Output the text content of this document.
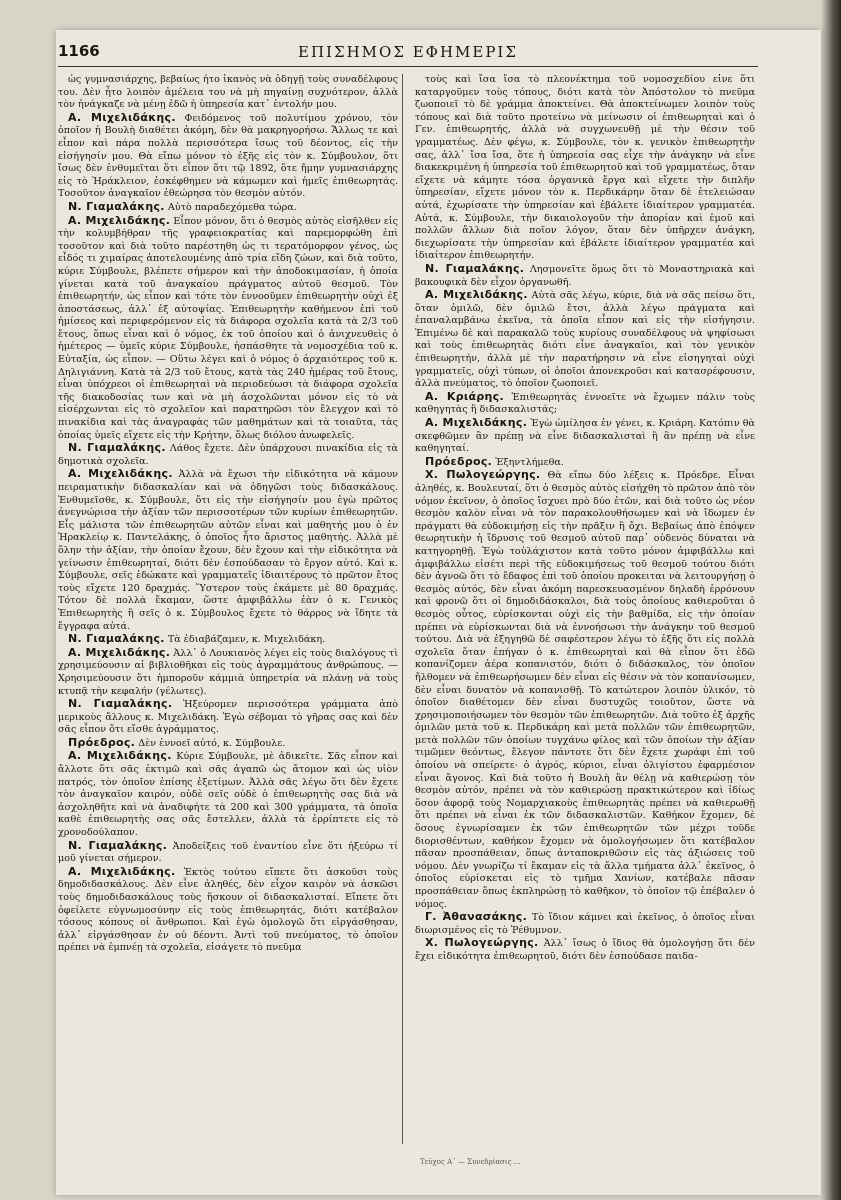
1166	ΕΠΙΣΗΜΟΣ ΕΦΗΜΕΡΙΣ

ὡς γυμνασιάρχης, βεβαίως ἦτο ἱκανὸς νὰ ὁδηγῇ τοὺς συναδέλφους του. Δὲν ἦτο λοιπὸν ἀμέλεια του νὰ μὴ πηγαίνῃ συχνότερον, ἀλλὰ τὸν ἠνάγκαζε νὰ μένῃ ἐδῶ ἡ ὑπηρεσία κατ᾽ ἐντολήν μου.

Α. Μιχελιδάκης. Φειδόμενος τοῦ πολυτίμου χρόνου, τὸν ὁποῖον ἡ Βουλὴ διαθέτει ἀκόμη, δὲν θὰ μακρηγορήσω. Ἄλλως τε καὶ εἶπον καὶ πάρα πολλὰ περισσότερα ἴσως τοῦ δέοντος, εἰς τὴν εἰσήγησίν μου. Θὰ εἴπω μόνον τὸ ἑξῆς εἰς τὸν κ. Σύμβουλον, ὅτι ἴσως δὲν ἐνθυμεῖται ὅτι εἶπον ὅτι τῷ 1892, ὅτε ἤμην γυμνασιάρχης εἰς τὸ Ἡράκλειον, ἐσκέφθημεν νὰ κάμωμεν καὶ ἡμεῖς ἐπιθεωρητάς. Τοσοῦτον ἀναγκαῖον ἐθεώρησα τὸν θεσμὸν αὐτόν.

Ν. Γιαμαλάκης. Αὐτὸ παραδεχόμεθα τώρα.

Α. Μιχελιδάκης. Εἶπον μόνον, ὅτι ὁ θεσμὸς αὐτὸς εἰσῆλθεν εἰς τὴν κολυμβήθραν τῆς γραφειοκρατίας καὶ παρεμορφώθη ἐπὶ τοσοῦτον καὶ διὰ τοῦτο παρέστηθη ὡς τι τερατόμορφον γένος, ὡς εἶδός τι χιμαίρας ἀποτελουμένης ἀπὸ τρία εἴδη ζώων, καὶ διὰ τοῦτο, κύριε Σύμβουλε, βλέπετε σήμερον καὶ τὴν ἀποδοκιμασίαν, ἡ ὁποία γίνεται κατὰ τοῦ ἀναγκαίου πράγματος αὐτοῦ θεσμοῦ. Τὸν ἐπιθεωρητήν, ὡς εἶπον καὶ τότε τὸν ἐννοοῦμεν ἐπιθεωρητὴν οὐχὶ ἐξ ἀποστάσεως, ἀλλ᾽ ἐξ αὐτοψίας. Ἐπιθεωρητὴν καθήμενον ἐπὶ τοῦ ἡμίσεος καὶ περιφερόμενον εἰς τὰ διάφορα σχολεῖα κατὰ τὰ 2/3 τοῦ ἔτους, ὅπως εἶναι καὶ ὁ νόμος, ἐκ τοῦ ὁποίου καὶ ὁ ἀνιχνευθεὶς ὁ ἡμέτερος — ὑμεῖς κύριε Σύμβουλε, ἠσπάσθητε τὰ νομοσχέδια τοῦ κ. Εὐταξία, ὡς εἶπον. — Οὕτω λέγει καὶ ὁ νόμος ὁ ἀρχαιότερος τοῦ κ. Δηλιγιάννη. Κατὰ τὰ 2/3 τοῦ ἔτους, κατὰ τὰς 240 ἡμέρας τοῦ ἔτους, εἶναι ὑπόχρεοι οἱ ἐπιθεωρηταὶ νὰ περιοδεύωσι τὰ διάφορα σχολεῖα τῆς διακοδοσίας των καὶ νὰ μὴ ἀσχολῶνται μόνον εἰς τὸ νὰ εἰσέρχωνται εἰς τὸ σχολεῖον καὶ παρατηρῶσι τὸν ἔλεγχον καὶ τὸ πινακίδια καὶ τὰς ἀναγραφὰς τῶν μαθημάτων καὶ τὰ τοιαῦτα, τὰς ὁποίας ὑμεῖς εἴχετε εἰς τὴν Κρήτην, ὅλως διόλου ἀνωφελεῖς.

Ν. Γιαμαλάκης. Λάθος ἔχετε. Δὲν ὑπάρχουσι πινακίδια εἰς τὰ δημοτικὰ σχολεῖα.

Α. Μιχελιδάκης. Ἀλλὰ νὰ ἔχωσι τὴν εἰδικότητα νὰ κάμουν πειραματικὴν διδασκαλίαν καὶ νὰ ὁδηγῶσι τοὺς διδασκάλους. Ἐνθυμεῖσθε, κ. Σύμβουλε, ὅτι εἰς τὴν εἰσήγησίν μου ἐγὼ πρῶτος ἀνεγνώρισα τὴν ἀξίαν τῶν περισσοτέρων τῶν κυρίων ἐπιθεωρητῶν. Εἷς μάλιστα τῶν ἐπιθεωρητῶν αὐτῶν εἶναι καὶ μαθητής μου ὁ ἐν Ἡρακλείῳ κ. Παντελάκης, ὁ ὁποῖος ἦτο ἄριστος μαθητής. Ἀλλὰ μὲ ὅλην τὴν ἀξίαν, τὴν ὁποίαν ἔχουν, δὲν ἔχουν καὶ τὴν εἰδικότητα νὰ γείνωσιν ἐπιθεωρηταί, διότι δὲν ἐσπούδασαν τὸ ἔργον αὐτό. Καὶ κ. Σύμβουλε, σεῖς ἐδώκατε καὶ γραμματεῖς ἰδιαιτέρους τὸ πρῶτον ἔτος τοὺς εἴχετε 120 δραχμάς. Ὕστερον τοὺς ἐκάμετε μὲ 80 δραχμάς. Τότον δὲ πολλὰ ἔκαμαν, ὥστε ἀμφιβάλλω ἐὰν ὁ κ. Γενικὸς Ἐπιθεωρητὴς ἢ σεῖς ὁ κ. Σύμβουλος ἔχετε τὸ θάρρος νὰ ἴδητε τὰ ἔγγραφα αὐτά.

Ν. Γιαμαλάκης. Τὰ ἐδιαβάζαμεν, κ. Μιχελιδάκη.

Α. Μιχελιδάκης. Ἀλλ᾽ ὁ Λουκιανὸς λέγει εἰς τοὺς διαλόγους τὶ χρησιμεύουσιν αἱ βιβλιοθῆκαι εἰς τοὺς ἀγραμμάτους ἀνθρώπους. — Χρησιμεύουσιν ὅτι ἠμποροῦν κάμμιὰ ὑπηρετρία νὰ πλάνῃ νὰ τοὺς κτυπᾷ τὴν κεφαλήν (γέλωτες).

Ν. Γιαμαλάκης. Ἡξεύρομεν περισσότερα γράμματα ἀπὸ μερικοὺς ἄλλους κ. Μιχελιδάκη. Ἐγὼ σέβομαι τὸ γῆρας σας καὶ δὲν σᾶς εἶπον ὅτι εἴσθε ἀγράμματος.

Πρόεδρος. Δὲν ἐννοεῖ αὐτό, κ. Σύμβουλε.

Α. Μιχελιδάκης. Κύριε Σύμβουλε, μὲ ἀδικεῖτε. Σᾶς εἶπον καὶ ἄλλοτε ὅτι σᾶς ἐκτιμῶ καὶ σᾶς ἀγαπῶ ὡς ἄτομον καὶ ὡς υἱὸν πατρός, τὸν ὁποῖον ἐπίσης ἐξετίμων. Ἀλλὰ σᾶς λέγω ὅτι δὲν ἔχετε τὸν ἀναγκαῖον καιρόν, οὐδὲ σεῖς οὐδὲ ὁ ἐπιθεωρητὴς σας διὰ νὰ ἀσχοληθῆτε καὶ νὰ ἀναδιφήτε τὰ 200 καὶ 300 γράμματα, τὰ ὁποῖα καθὲ ἐπιθεωρητὴς σας σᾶς ἔστελλεν, ἀλλὰ τὰ ἐρρίπτετε εἰς τὸ χρονοδούλαπον.

Ν. Γιαμαλάκης. Ἀποδείξεις τοῦ ἐναντίου εἶνε ὅτι ἠξεύρω τί μοῦ γίνεται σήμερον.

Α. Μιχελιδάκης. Ἐκτὸς τούτου εἴπετε ὅτι ἀσκοῦσι τοὺς δημοδιδασκάλους. Δὲν εἶνε ἀληθές, δὲν εἶχον καιρὸν νὰ ἀσκῶσι τοὺς δημοδιδασκάλους τοὺς ἥσκουν οἱ διδασκαλισταί. Εἴπετε ὅτι ὀφείλετε εὐγνωμοσύνην εἰς τοὺς ἐπιθεωρητάς, διότι κατέβαλον τόσους κόπους οἱ ἄνθρωποι. Καὶ ἐγὼ ὁμολογῶ ὅτι εἰργάσθησαν, ἀλλ᾽ εἰργάσθησαν ἐν οὐ δέοντι. Ἀντὶ τοῦ πνεύματος, τὸ ὁποῖον πρέπει νὰ ἐμπνέῃ τὰ σχολεῖα, εἰσάγετε τὸ πνεῦμα

τοὺς καὶ ἴσα ἴσα τὸ πλεονέκτημα τοῦ νομοσχεδίου εἶνε ὅτι καταργοῦμεν τοὺς τόπους, διότι κατὰ τὸν Ἀπόστολον τὸ πνεῦμα ζωοποιεῖ τὸ δὲ γράμμα ἀποκτείνει. Θὰ ἀποκτείνωμεν λοιπὸν τοὺς τόπους καὶ διὰ τοῦτο προτείνω νὰ μείνωσιν οἱ ἐπιθεωρηταὶ καὶ ὁ Γεν. ἐπιθεωρητής, ἀλλὰ νὰ συγχωνευθῇ μὲ τὴν θέσιν τοῦ γραμματέως. Δὲν φέγω, κ. Σύμβουλε, τὸν κ. γενικὸν ἐπιθεωρητὴν σας, ἀλλ᾽ ἴσα ἴσα, ὅτε ἡ ὑπηρεσία σας εἶχε τὴν ἀνάγκην νὰ εἶνε διακεκριμένη ἡ ὑπηρεσία τοῦ ἐπιθεωρητοῦ καὶ τοῦ γραμματέως, ὅταν εἴχετε νὰ κάμητε τόσα ὀργανικὰ ἔργα καὶ εἴχετε τὴν διπλῆν ὑπηρεσίαν, εἴχετε μόνον τὸν κ. Περδικάρην ὅταν δὲ ἐτελειώσαν αὐτά, ἐχωρίσατε τὴν ὑπηρεσίαν καὶ ἐβάλετε ἰδιαίτερον γραμματέα. Αὐτά, κ. Σύμβουλε, τὴν δικαιολογοῦν τὴν ἀπορίαν καὶ ἐμοῦ καὶ πολλῶν ἄλλων διὰ ποῖον λόγον, ὅταν δὲν ὑπῆρχεν ἀνάγκη, διεχωρίσατε τὴν ὑπηρεσίαν καὶ ἐβάλετε ἰδιαίτερον γραμματέα καὶ ἰδιαίτερον ἐπιθεωρητήν.

Ν. Γιαμαλάκης. Λησμονεῖτε ὅμως ὅτι τὸ Μοναστηριακὰ καὶ βακουφικὰ δὲν εἶχον ὀργανωθῆ.

Α. Μιχελιδάκης. Αὐτὰ σᾶς λέγω, κύριε, διὰ νὰ σᾶς πείσω ὅτι, ὅταν ὁμιλῶ, δὲν ὁμιλῶ ἔτσι, ἀλλὰ λέγω πράγματα καὶ ἐπαναλαμβάνω ἐκεῖνα, τὰ ὁποῖα εἶπον καὶ εἰς τὴν εἰσήγησιν. Ἐπιμένω δὲ καὶ παρακαλῶ τοὺς κυρίους συναδέλφους νὰ ψηφίσωσι καὶ τοὺς ἐπιθεωρητὰς διότι εἶνε ἀναγκαῖοι, καὶ τὸν γενικὸν ἐπιθεωρητήν, ἀλλὰ μὲ τὴν παρατήρησιν νὰ εἶνε εἰσηγηταὶ οὐχὶ γραμματεῖς, οὐχὶ τύπων, οἱ ὁποῖοι ἀπονεκροῦσι καὶ κατασρέφουσιν, ἀλλὰ πνεύματος, τὸ ὁποῖον ζωοποιεῖ.

Α. Κριάρης. Ἐπιθεωρητὰς ἐννοεῖτε νὰ ἔχωμεν πάλιν τοὺς καθηγητὰς ἢ διδασκαλιστάς;

Α. Μιχελιδάκης. Ἐγὼ ὡμίλησα ἐν γένει, κ. Κριάρη. Κατόπιν θὰ σκεφθῶμεν ἂν πρέπῃ νὰ εἶνε διδασκαλισταὶ ἢ ἂν πρέπῃ νὰ εἶνε καθηγηταί.

Πρόεδρος. Ἐξηντλήμεθα.

Χ. Πωλογεώργης. Θὰ εἴπω δύο λέξεις κ. Πρόεδρε. Εἶναι ἀληθές, κ. Βουλευταί, ὅτι ὁ θεσμὸς αὐτὸς εἰσήχθη τὸ πρῶτον ἀπὸ τὸν νόμον ἐκεῖνον, ὁ ὁποῖος ἴσχυει πρὸ δύο ἐτῶν, καὶ διὰ τοῦτο ὡς νέον θεσμὸν καλὸν εἶναι νὰ τὸν παρακολουθήσωμεν καὶ νὰ ἴδωμεν ἐν πράγματι θὰ εὐδοκιμήσῃ εἰς τὴν πρᾶξιν ἢ ὄχι. Βεβαίως ἀπὸ ἐπόψεν θεωρητικὴν ἡ ἵδρυσις τοῦ θεσμοῦ αὐτοῦ παρ᾽ οὐδενὸς δύναται νὰ κατηγορηθῇ. Ἐγὼ τοὐλάχιστον κατὰ τοῦτο μόνον ἀμφιβάλλω καὶ ἀμφιβάλλω εἰσέτι περὶ τῆς εὐδοκιμήσεως τοῦ θεσμοῦ τούτου διότι δὲν ἀγνοῶ ὅτι τὸ ἔδαφος ἐπὶ τοῦ ὁποίου προκειται νὰ λειτουργήσῃ ὁ θεσμὸς αὐτός, δὲν εἶναι ἀκόμη παρεσκευασμένον δηλαδὴ ἐρρόνουν καὶ φρονῶ ὅτι οἱ δημοδιδάσκαλοι, διὰ τοὺς ὁποίους καθιερoῦται ὁ θεσμὸς οὗτος, εὑρίσκονται οὐχὶ εἰς τὴν βαθμίδα, εἰς τὴν ὁποίαν πρέπει νὰ εὑρίσκωνται διὰ νὰ ἐννοήσωσι τὴν ἀνάγκην τοῦ θεσμοῦ τούτου. Διὰ νὰ ἐξηγηθῶ δὲ σαφέστερον λέγω τὸ ἑξῆς ὅτι εἰς πολλὰ σχολεῖα ὅταν ἐπήγαν ὁ κ. ἐπιθεωρηταὶ καὶ θὰ εἶπον ὅτι ἐδῶ κοπανίζομεν ἀέρα κοπανιστόν, διότι ὁ διδάσκαλος, τὸν ὁποῖον ἤλθομεν νὰ ἐπιθεωρήσωμεν δὲν εἶναι εἰς θέσιν νὰ τὸν κοπανίσωμεν, δὲν εἶναι δυνατὸν νὰ κοπανισθῇ. Τὸ κατώτερον λοιπὸν ὑλικόν, τὸ ὁποῖον διαθέτομεν δὲν εἶναι δυστυχῶς τοιοῦτον, ὥστε νὰ χρησιμοποιήσωμεν τὸν θεσμὸν τῶν ἐπιθεωρητῶν. Διὰ τοῦτο ἐξ ἀρχῆς ὁμιλῶν μετὰ τοῦ κ. Περδικάρη καὶ μετὰ πολλῶν τῶν ἐπιθεωρητῶν, μετὰ πολλῶν τῶν ὁποίων τυγχάνω φίλος καὶ τῶν ὁποίων τὴν ἀξίαν τιμῶμεν θεόντως, ἔλεγον πάντοτε ὅτι δὲν ἔχετε χωράφι ἐπὶ τοῦ ὁποίου νὰ σπείρετε· ὁ ἀγρός, κύριοι, εἶναι ὀλιγίστου ἐφαρμέσιον εἶναι ἄγονος. Καὶ διὰ τοῦτο ἡ Βουλὴ ἂν θέλῃ νὰ καθιερώσῃ τὸν θεσμὸν αὐτόν, πρέπει νὰ τὸν καθιερώσῃ πρακτικώτερον καὶ ἰδίως ὅσον ἀφορᾷ τοὺς Νομαρχιακοὺς ἐπιθεωρητὰς πρέπει νὰ καθιερωθῇ ὅτι πρέπει νὰ εἶναι ἐκ τῶν διδασκαλιστῶν. Καθήκον ἔχομεν, δὲ ὅσους ἐγνωρίσαμεν ἐκ τῶν ἐπιθεωρητῶν τῶν μέχρι τοῦδε διορισθέντων, καθήκον ἔχομεν νὰ ὁμολογήσωμεν ὅτι κατέβαλον πᾶσαν προσπάθειαν, ὅπως ἀνταποκριθῶσιν εἰς τὰς ἀξιώσεις τοῦ νόμου. Δὲν γνωρίζω τί ἔκαμαν εἰς τὰ ἄλλα τμήματα ἀλλ᾽ ἐκεῖνος, ὁ ὁποῖος εὑρίσκεται εἰς τὸ τμῆμα Χανίων, κατέβαλε πᾶσαν προσπάθειαν ὅπως ἐκπληρώσῃ τὸ καθῆκον, τὸ ὁποῖον τῷ ἐπέβαλεν ὁ νόμος.

Γ. Ἀθανασάκης. Τὸ ἴδιον κάμνει καὶ ἐκεῖνος, ὁ ὁποῖος εἶναι διωρισμένος εἰς τὸ Ῥέθυμνον.

Χ. Πωλογεώργης. Ἀλλ᾽ ἴσως ὁ ἴδιος θὰ ὁμολογήσῃ ὅτι δὲν ἔχει εἰδικότητα ἐπιθεωρητοῦ, διότι δὲν ἐσπούδασε παιδα-

Τεῦχος Α΄ — Συνεδρίασις ...
